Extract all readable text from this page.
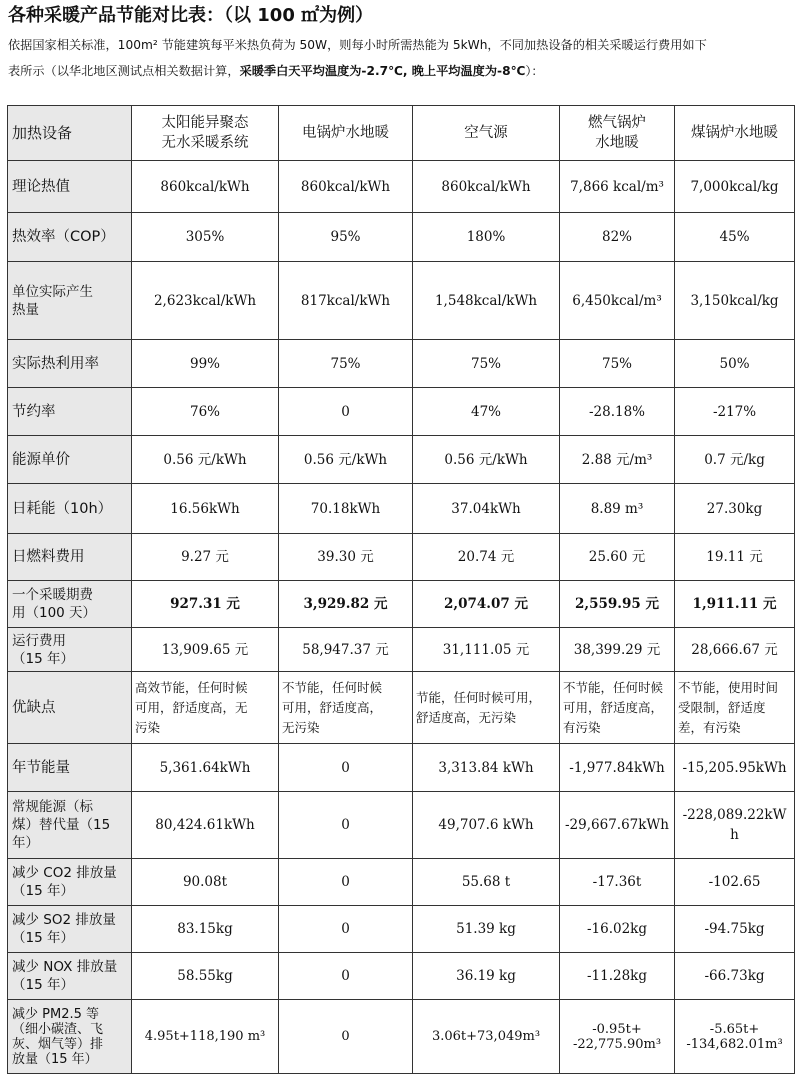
各种采暖产品节能对比表：（以 100 ㎡为例）
依据国家相关标准，100m² 节能建筑每平米热负荷为 50W，则每小时所需热能为 5kWh，不同加热设备的相关采暖运行费用如下
表所示（以华北地区测试点相关数据计算，采暖季白天平均温度为-2.7℃, 晚上平均温度为-8℃）：

加热设备	太阳能异聚态
无水采暖系统	电锅炉水地暖	空气源	燃气锅炉
水地暖	煤锅炉水地暖
理论热值	860kcal/kWh	860kcal/kWh	860kcal/kWh	7,866 kcal/m³	7,000kcal/kg
热效率（COP）	305%	95%	180%	82%	45%
单位实际产生
热量	2,623kcal/kWh	817kcal/kWh	1,548kcal/kWh	6,450kcal/m³	3,150kcal/kg
实际热利用率	99%	75%	75%	75%	50%
节约率	76%	0	47%	-28.18%	-217%
能源单价	0.56 元/kWh	0.56 元/kWh	0.56 元/kWh	2.88 元/m³	0.7 元/kg
日耗能（10h）	16.56kWh	70.18kWh	37.04kWh	8.89 m³	27.30kg
日燃料费用	9.27 元	39.30 元	20.74 元	25.60 元	19.11 元
一个采暖期费
用（100 天）	927.31 元	3,929.82 元	2,074.07 元	2,559.95 元	1,911.11 元
运行费用
（15 年）	13,909.65 元	58,947.37 元	31,111.05 元	38,399.29 元	28,666.67 元
优缺点	高效节能，任何时候
可用，舒适度高，无
污染	不节能，任何时候
可用，舒适度高，
无污染	节能，任何时候可用，
舒适度高，无污染	不节能，任何时候
可用，舒适度高，
有污染	不节能，使用时间
受限制，舒适度
差，有污染
年节能量	5,361.64kWh	0	3,313.84 kWh	-1,977.84kWh	-15,205.95kWh
常规能源（标
煤）替代量（15
年）	80,424.61kWh	0	49,707.6 kWh	-29,667.67kWh	-228,089.22kW
h
减少 CO2 排放量
（15 年）	90.08t	0	55.68 t	-17.36t	-102.65
减少 SO2 排放量
（15 年）	83.15kg	0	51.39 kg	-16.02kg	-94.75kg
减少 NOX 排放量
（15 年）	58.55kg	0	36.19 kg	-11.28kg	-66.73kg
减少 PM2.5 等
（细小碳渣、飞
灰、烟气等）排
放量（15 年）	4.95t+118,190 m³	0	3.06t+73,049m³	-0.95t+
-22,775.90m³	-5.65t+
-134,682.01m³
